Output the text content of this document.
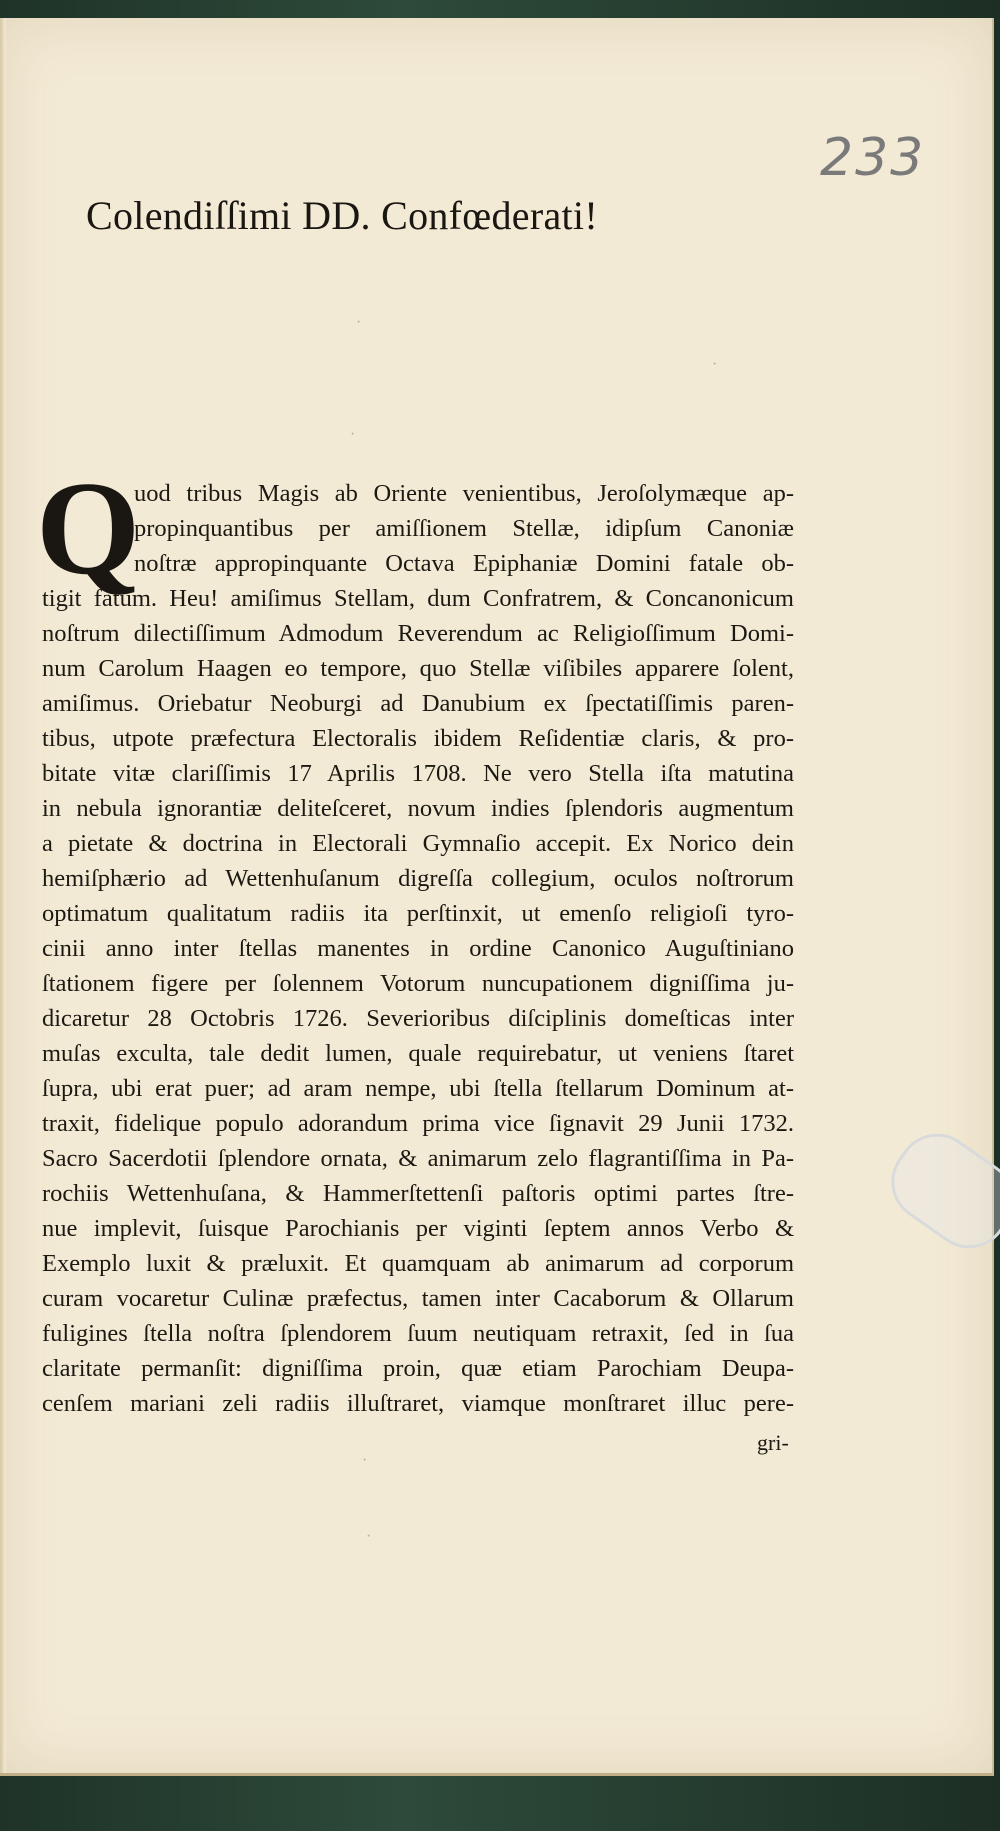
233
Colendiſſimi DD. Confœderati!
·
·
·
·
·
Q
uod tribus Magis ab Oriente venientibus, Jeroſolymæque ap-
propinquantibus per amiſſionem Stellæ, idipſum Canoniæ
noſtræ appropinquante Octava Epiphaniæ Domini fatale ob-
tigit fatum. Heu! amiſimus Stellam, dum Confratrem, & Concanonicum
noſtrum dilectiſſimum Admodum Reverendum ac Religioſſimum Domi-
num Carolum Haagen eo tempore, quo Stellæ viſibiles apparere ſolent,
amiſimus. Oriebatur Neoburgi ad Danubium ex ſpectatiſſimis paren-
tibus, utpote præfectura Electoralis ibidem Reſidentiæ claris, & pro-
bitate vitæ clariſſimis 17 Aprilis 1708. Ne vero Stella iſta matutina
in nebula ignorantiæ deliteſceret, novum indies ſplendoris augmentum
a pietate & doctrina in Electorali Gymnaſio accepit. Ex Norico dein
hemiſphærio ad Wettenhuſanum digreſſa collegium, oculos noſtrorum
optimatum qualitatum radiis ita perſtinxit, ut emenſo religioſi tyro-
cinii anno inter ſtellas manentes in ordine Canonico Auguſtiniano
ſtationem figere per ſolennem Votorum nuncupationem digniſſima ju-
dicaretur 28 Octobris 1726. Severioribus diſciplinis domeſticas inter
muſas exculta, tale dedit lumen, quale requirebatur, ut veniens ſtaret
ſupra, ubi erat puer; ad aram nempe, ubi ſtella ſtellarum Dominum at-
traxit, fidelique populo adorandum prima vice ſignavit 29 Junii 1732.
Sacro Sacerdotii ſplendore ornata, & animarum zelo flagrantiſſima in Pa-
rochiis Wettenhuſana, & Hammerſtettenſi paſtoris optimi partes ſtre-
nue implevit, ſuisque Parochianis per viginti ſeptem annos Verbo &
Exemplo luxit & præluxit. Et quamquam ab animarum ad corporum
curam vocaretur Culinæ præfectus, tamen inter Cacaborum & Ollarum
fuligines ſtella noſtra ſplendorem ſuum neutiquam retraxit, ſed in ſua
claritate permanſit: digniſſima proin, quæ etiam Parochiam Deupa-
cenſem mariani zeli radiis illuſtraret, viamque monſtraret illuc pere-
gri-
